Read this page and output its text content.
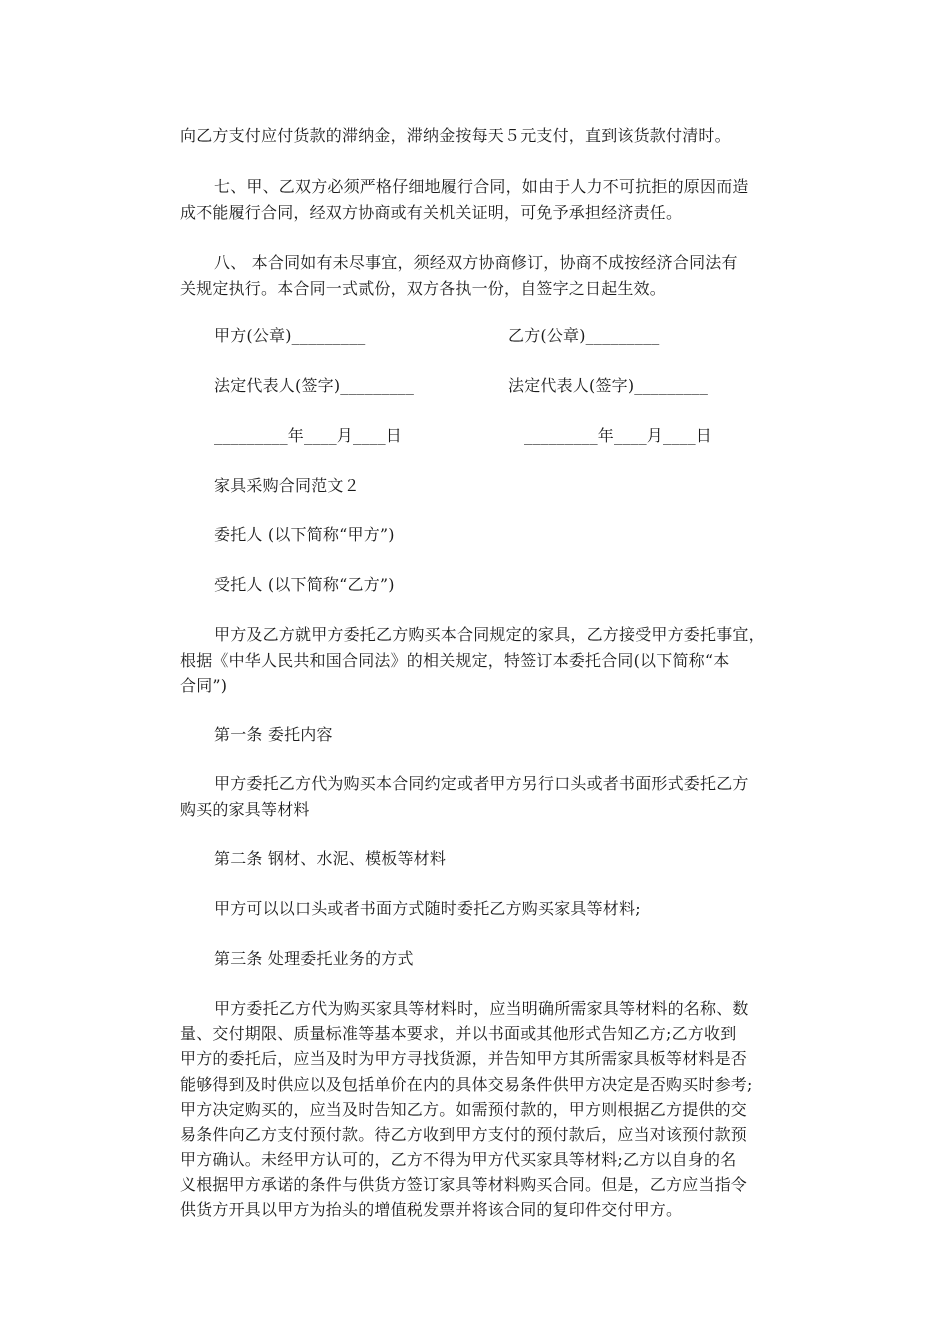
向乙方支付应付货款的滞纳金，滞纳金按每天５元支付，直到该货款付清时。
七、甲、乙双方必须严格仔细地履行合同，如由于人力不可抗拒的原因而造
成不能履行合同，经双方协商或有关机关证明，可免予承担经济责任。
八、 本合同如有未尽事宜，须经双方协商修订，协商不成按经济合同法有
关规定执行。本合同一式贰份，双方各执一份，自签字之日起生效。
甲方(公章)_________	乙方(公章)_________
法定代表人(签字)_________	法定代表人(签字)_________
_________年____月____日	_________年____月____日
家具采购合同范文２
委托人 (以下简称“甲方”)
受托人 (以下简称“乙方”)
甲方及乙方就甲方委托乙方购买本合同规定的家具，乙方接受甲方委托事宜，
根据《中华人民共和国合同法》的相关规定，特签订本委托合同(以下简称“本
合同”)
第一条 委托内容
甲方委托乙方代为购买本合同约定或者甲方另行口头或者书面形式委托乙方
购买的家具等材料
第二条 钢材、水泥、模板等材料
甲方可以以口头或者书面方式随时委托乙方购买家具等材料;
第三条 处理委托业务的方式
甲方委托乙方代为购买家具等材料时，应当明确所需家具等材料的名称、数
量、交付期限、质量标准等基本要求，并以书面或其他形式告知乙方;乙方收到
甲方的委托后，应当及时为甲方寻找货源，并告知甲方其所需家具板等材料是否
能够得到及时供应以及包括单价在内的具体交易条件供甲方决定是否购买时参考;
甲方决定购买的，应当及时告知乙方。如需预付款的，甲方则根据乙方提供的交
易条件向乙方支付预付款。待乙方收到甲方支付的预付款后，应当对该预付款预
甲方确认。未经甲方认可的，乙方不得为甲方代买家具等材料;乙方以自身的名
义根据甲方承诺的条件与供货方签订家具等材料购买合同。但是，乙方应当指令
供货方开具以甲方为抬头的增值税发票并将该合同的复印件交付甲方。
